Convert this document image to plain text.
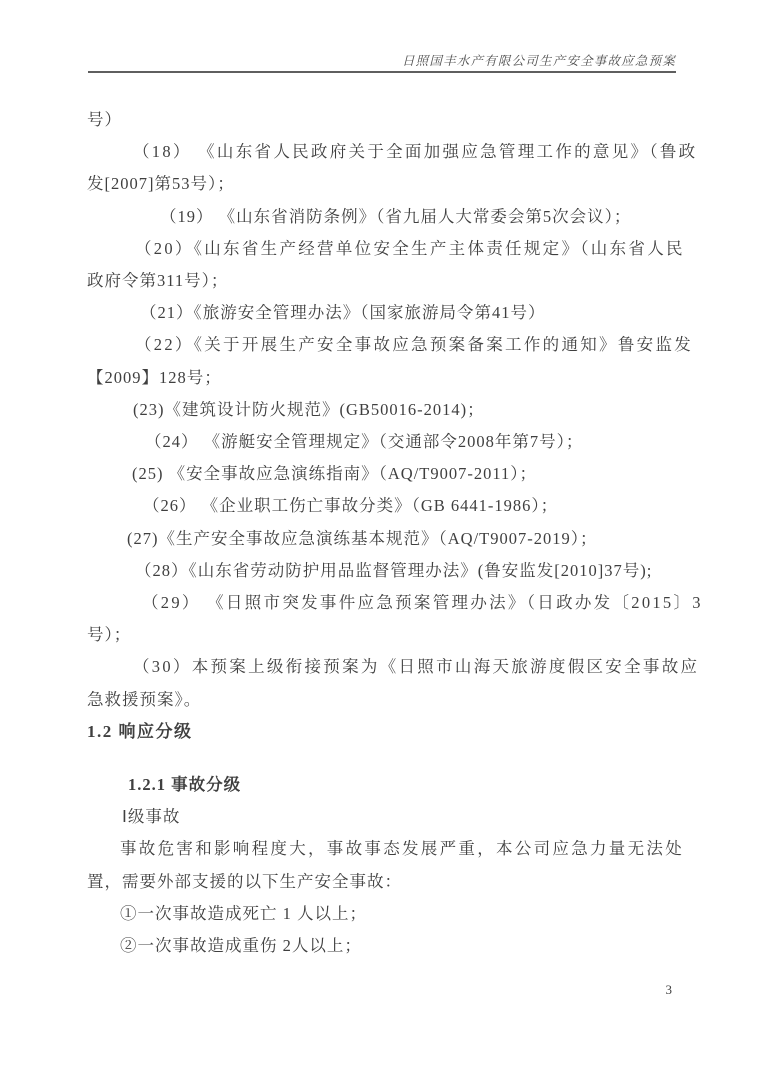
日照国丰水产有限公司生产安全事故应急预案
号）
（18） 《山东省人民政府关于全面加强应急管理工作的意见》（鲁政
发[2007]第53号）；
（19） 《山东省消防条例》（省九届人大常委会第5次会议）；
（20）《山东省生产经营单位安全生产主体责任规定》（山东省人民
政府令第311号）；
（21）《旅游安全管理办法》（国家旅游局令第41号）
（22）《关于开展生产安全事故应急预案备案工作的通知》鲁安监发
【2009】128号；
(23)《建筑设计防火规范》(GB50016-2014)；
（24） 《游艇安全管理规定》（交通部令2008年第7号）；
(25) 《安全事故应急演练指南》（AQ/T9007-2011）；
（26） 《企业职工伤亡事故分类》（GB 6441-1986）；
(27)《生产安全事故应急演练基本规范》（AQ/T9007-2019）；
（28）《山东省劳动防护用品监督管理办法》(鲁安监发[2010]37号);
（29） 《日照市突发事件应急预案管理办法》（日政办发〔2015〕3
号）；
（30）本预案上级衔接预案为《日照市山海天旅游度假区安全事故应
急救援预案》。
1.2 响应分级
1.2.1 事故分级
Ⅰ级事故
事故危害和影响程度大，事故事态发展严重，本公司应急力量无法处
置，需要外部支援的以下生产安全事故：
①一次事故造成死亡 1 人以上；
②一次事故造成重伤 2人以上；
3
